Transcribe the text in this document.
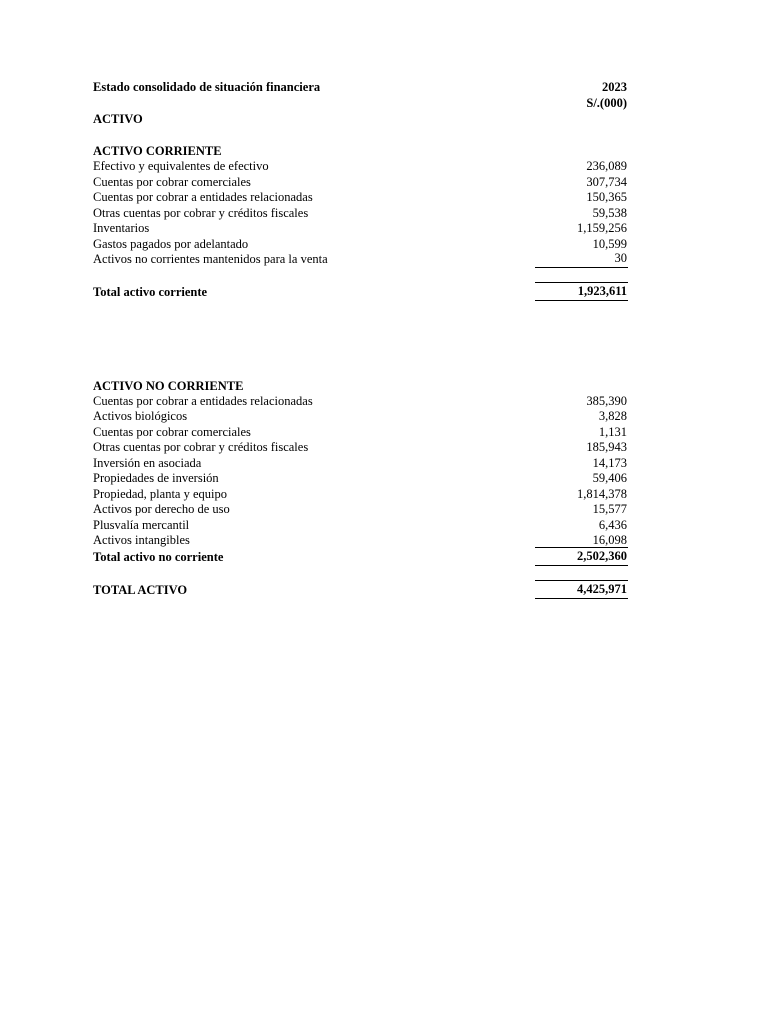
Estado consolidado de situación financiera	2023
S/.(000)
ACTIVO
ACTIVO CORRIENTE
Efectivo y equivalentes de efectivo	236,089
Cuentas por cobrar comerciales	307,734
Cuentas por cobrar a entidades relacionadas	150,365
Otras cuentas por cobrar y créditos fiscales	59,538
Inventarios	1,159,256
Gastos pagados por adelantado	10,599
Activos no corrientes mantenidos para la venta	30
Total activo corriente	1,923,611
ACTIVO NO CORRIENTE
Cuentas por cobrar a entidades relacionadas	385,390
Activos biológicos	3,828
Cuentas por cobrar comerciales	1,131
Otras cuentas por cobrar y créditos fiscales	185,943
Inversión en asociada	14,173
Propiedades de inversión	59,406
Propiedad, planta y equipo	1,814,378
Activos por derecho de uso	15,577
Plusvalía mercantil	6,436
Activos intangibles	16,098
Total activo no corriente	2,502,360
TOTAL ACTIVO	4,425,971
